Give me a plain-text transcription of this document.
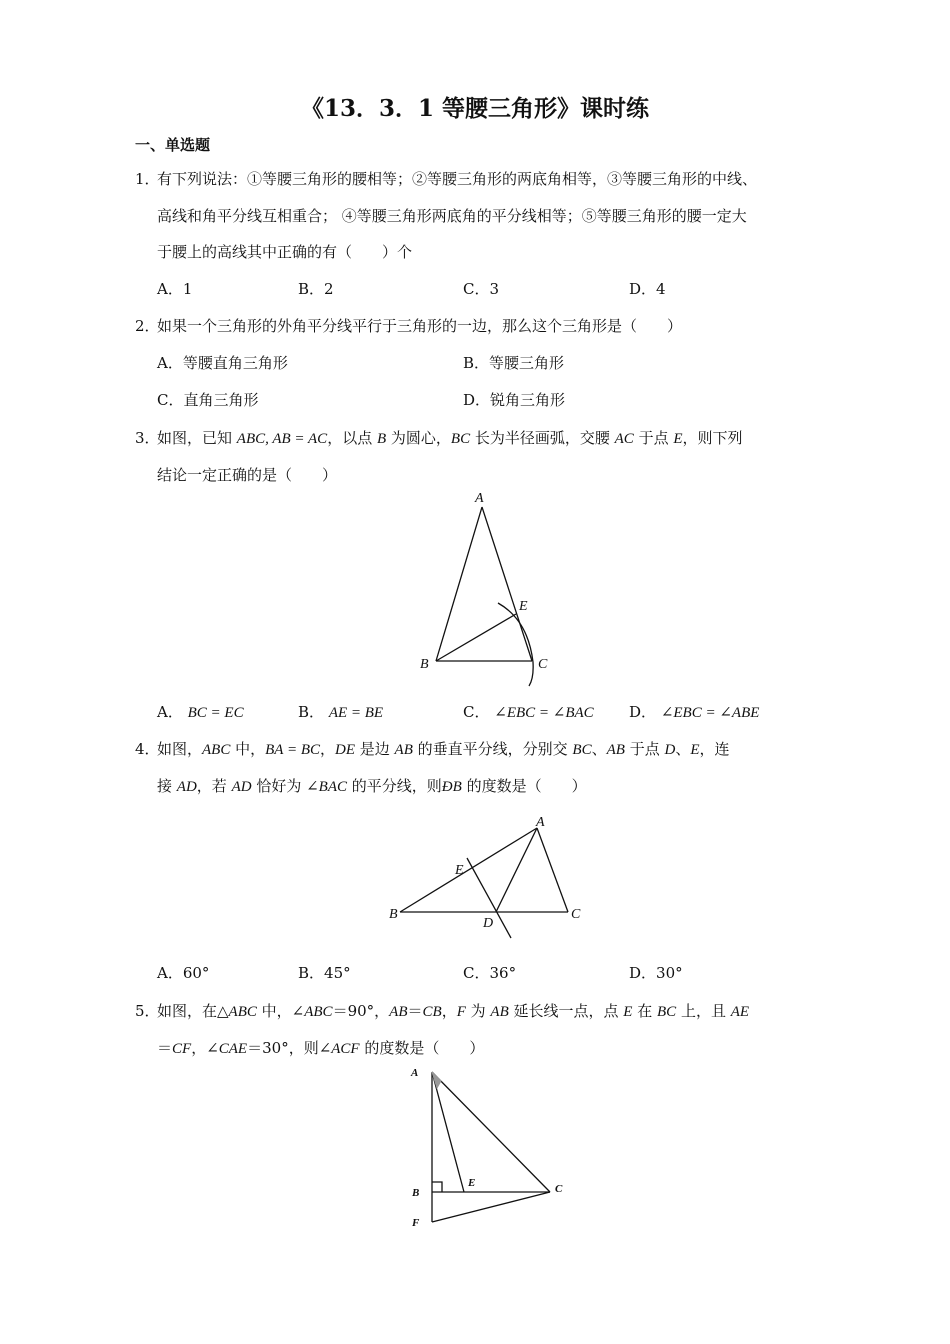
《13．3．1 等腰三角形》课时练
一、单选题
1．
有下列说法：①等腰三角形的腰相等；②等腰三角形的两底角相等，③等腰三角形的中线、
高线和角平分线互相重合； ④等腰三角形两底角的平分线相等；⑤等腰三角形的腰一定大
于腰上的高线其中正确的有（　　）个
A．1	B．2	C．3	D．4
2．
如果一个三角形的外角平分线平行于三角形的一边，那么这个三角形是（　　）
A．等腰直角三角形	B．等腰三角形
C．直角三角形	D．锐角三角形
3．
如图，已知 ABC, AB = AC，以点 B 为圆心，BC 长为半径画弧，交腰 AC 于点 E，则下列
结论一定正确的是（　　）
A
B	C
E
A． BC = EC	B． AE = BE	C． ∠EBC = ∠BAC D． ∠EBC = ∠ABE
4．
如图，ABC 中，BA = BC，DE 是边 AB 的垂直平分线，分别交 BC、AB 于点 D、E，连
接 AD，若 AD 恰好为 ∠BAC 的平分线，则ÐB 的度数是（　　）
A
B	C
D
E
A．60°	B．45°	C．36°	D．30°
5．
如图，在△ABC 中，∠ABC＝90°，AB＝CB，F 为 AB 延长线一点，点 E 在 BC 上，且 AE
＝CF，∠CAE＝30°，则∠ACF 的度数是（　　）
A
B	C
E
F
